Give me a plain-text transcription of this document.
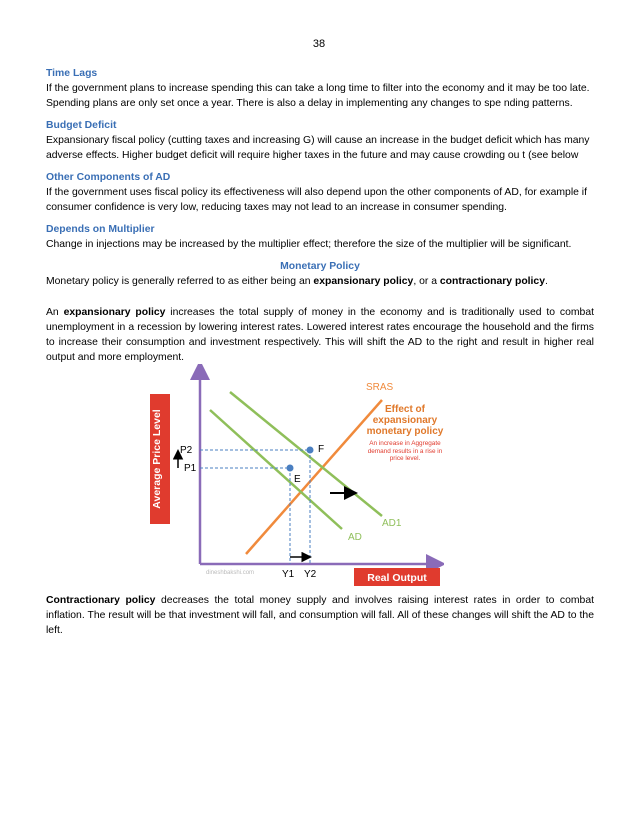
38
Time Lags

If the government plans to increase spending this can take a long time to filter into the economy and it may be too late. Spending plans are only set once a year. There is also a delay in implementing any changes to spe nding patterns.

Budget Deficit

Expansionary fiscal policy (cutting taxes and increasing G) will cause an increase in the budget deficit which has many adverse effects. Higher budget deficit will require higher taxes in the future and may cause crowding ou t (see below

Other Components of AD

If the government uses fiscal policy its effectiveness will also depend upon the other components of AD, for example if consumer confidence is very low, reducing taxes may not lead to an increase in consumer spending.

Depends on Multiplier

Change in injections may be increased by the multiplier effect; therefore the size of the multiplier will be significant.

Monetary Policy

Monetary policy is generally referred to as either being an expansionary policy, or a contractionary policy.

An expansionary policy increases the total supply of money in the economy and is traditionally used to combat unemployment in a recession by lowering interest rates. Lowered interest rates encourage the household and the firms to increase their consumption and investment respectively. This will shift the AD to the right and result in higher real output and more employment.

Average Price Level	E
F
P2
P1
Y1 Y2
SRAS
AD
AD1
Effect of expansionary monetary policy
An increase in Aggregate demand results in a rise in price level.
Real Output
dineshbakshi.com

Contractionary policy decreases the total money supply and involves raising interest rates in order to combat inflation. The result will be that investment will fall, and consumption will fall. All of these changes will shift the AD to the left.
